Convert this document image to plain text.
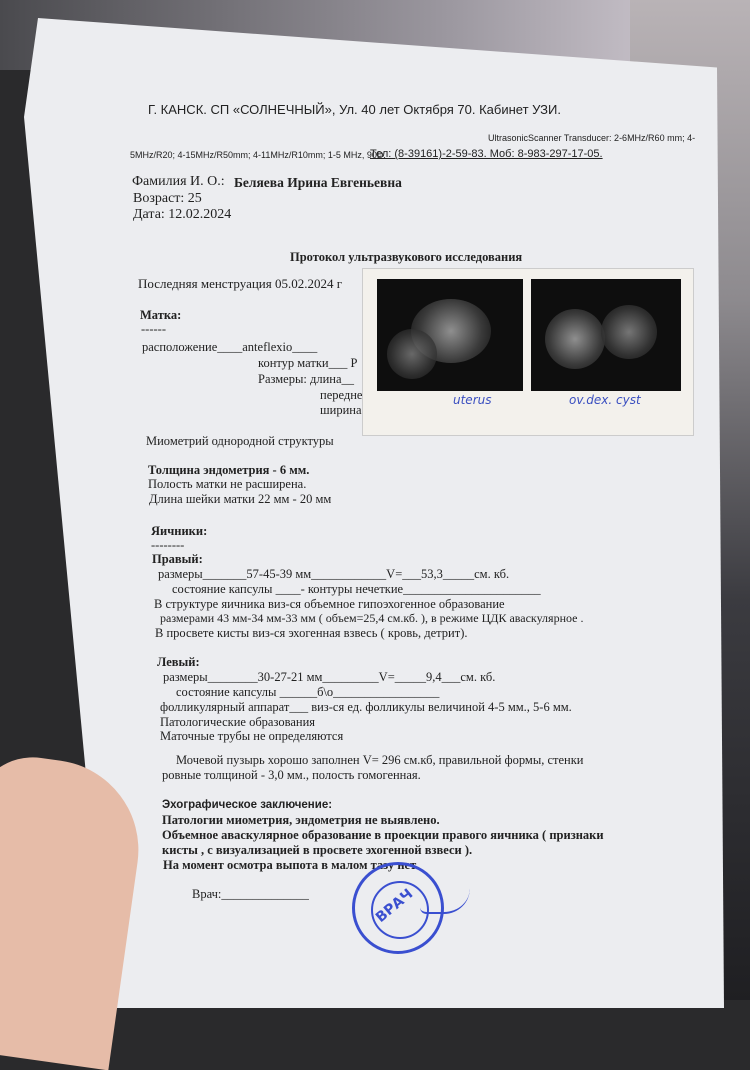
Г. КАНСК. СП «СОЛНЕЧНЫЙ», Ул. 40 лет Октября 70. Кабинет УЗИ.
UltrasonicScanner Transducer: 2-6MHz/R60 mm; 4-
5MHz/R20; 4-15MHz/R50mm; 4-11MHz/R10mm; 1-5 MHz, 90D.
Тел: (8-39161)-2-59-83. Моб: 8-983-297-17-05.
Фамилия И. О.: Беляева Ирина Евгеньевна
Возраст: 25
Дата: 12.02.2024
Протокол ультразвукового исследования
Последняя менструация 05.02.2024 г
Матка:
------
расположение____anteflexio____
контур матки___ Р
Размеры: длина__
передне
ширина
Миометрий однородной структуры
Толщина эндометрия - 6 мм.
Полость матки не расширена.
Длина шейки матки 22 мм - 20 мм
Яичники:
--------
Правый:
размеры_______57-45-39 мм____________V=___53,3_____см. кб.
состояние капсулы ____- контуры нечеткие______________________
В структуре яичника виз-ся объемное гипоэхогенное образование
размерами 43 мм-34 мм-33 мм ( объем=25,4 см.кб. ), в режиме ЦДК аваскулярное .
В просвете кисты виз-ся эхогенная взвесь ( кровь, детрит).
Левый:
размеры________30-27-21 мм_________V=_____9,4___см. кб.
состояние капсулы ______б\о_________________
фолликулярный аппарат___ виз-ся ед. фолликулы величиной 4-5 мм., 5-6 мм.
Патологические образования
Маточные трубы не определяются
Мочевой пузырь хорошо заполнен V= 296 см.кб, правильной формы, стенки
ровные толщиной - 3,0 мм., полость гомогенная.
Эхографическое заключение:
Патологии миометрия, эндометрия не выявлено.
Объемное аваскулярное образование в проекции правого яичника ( признаки
кисты , с визуализацией в просвете эхогенной взвеси ).
На момент осмотра выпота в малом тазу нет.
Врач:______________
uterus	ov.dex. cyst
ВРАЧ
